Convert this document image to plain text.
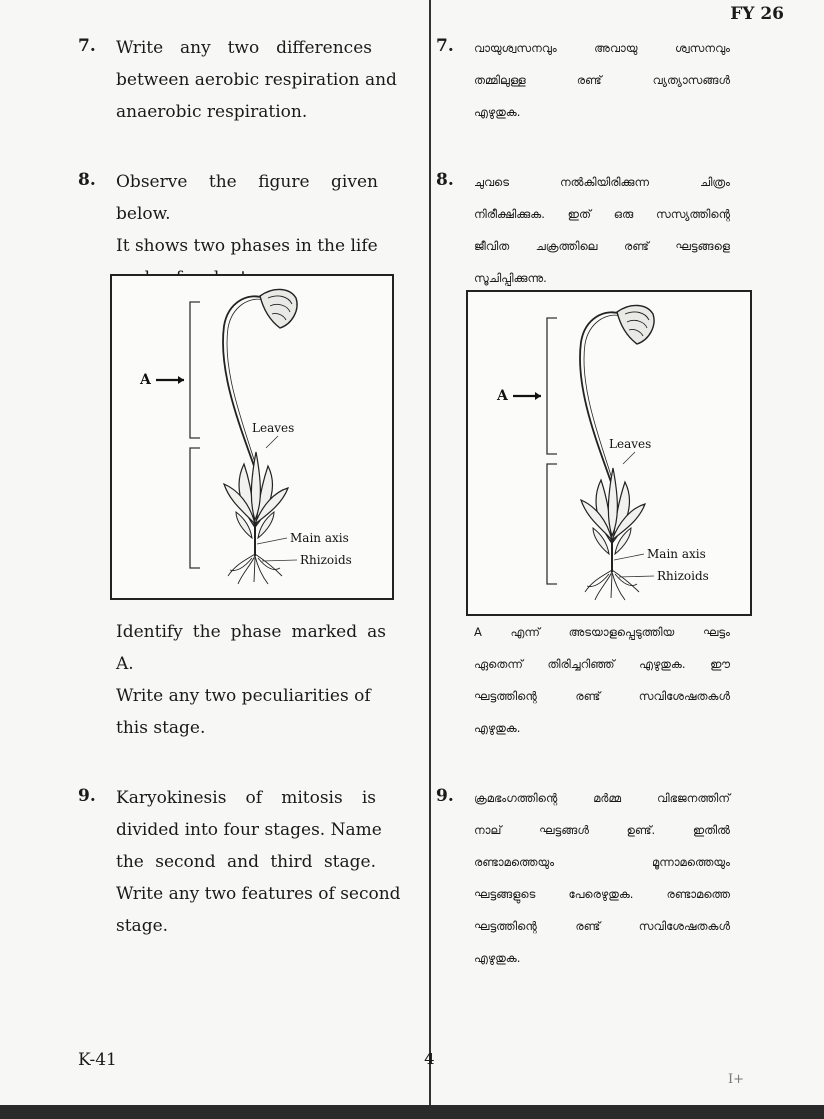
FY 26
7. Write any two differences
between aerobic respiration and
anaerobic respiration.
8. Observe the figure given below.
It shows two phases in the life
A
Leaves
Main axis
Rhizoids
Identify the phase marked as A.
Write any two peculiarities of
this stage.
9. Karyokinesis of mitosis is
divided into four stages. Name
the second and third stage.
Write any two features of second
stage.
7. വായുശ്വസനവും അവായു ശ്വസനവും
തമ്മിലുള്ള രണ്ട് വ്യത്യാസങ്ങൾ
എഴുതുക.
8. ചുവടെ നൽകിയിരിക്കുന്ന ചിത്രം
നിരീക്ഷിക്കുക. ഇത് ഒരു സസ്യത്തിന്റെ
ജീവിത ചക്രത്തിലെ രണ്ട് ഘട്ടങ്ങളെ
സൂചിപ്പിക്കുന്നു.
A
Leaves
Main axis
Rhizoids
A എന്ന് അടയാളപ്പെടുത്തിയ ഘട്ടം
ഏതെന്ന് തിരിച്ചറിഞ്ഞ് എഴുതുക. ഈ
ഘട്ടത്തിന്റെ രണ്ട് സവിശേഷതകൾ
എഴുതുക.
9. ക്രമഭംഗത്തിന്റെ മർമ്മ വിഭജനത്തിന്
നാല് ഘട്ടങ്ങൾ ഉണ്ട്. ഇതിൽ
രണ്ടാമത്തെയും മൂന്നാമത്തെയും
ഘട്ടങ്ങളുടെ പേരെഴുതുക. രണ്ടാമത്തെ
ഘട്ടത്തിന്റെ രണ്ട് സവിശേഷതകൾ
എഴുതുക.
K-41	4
I+
